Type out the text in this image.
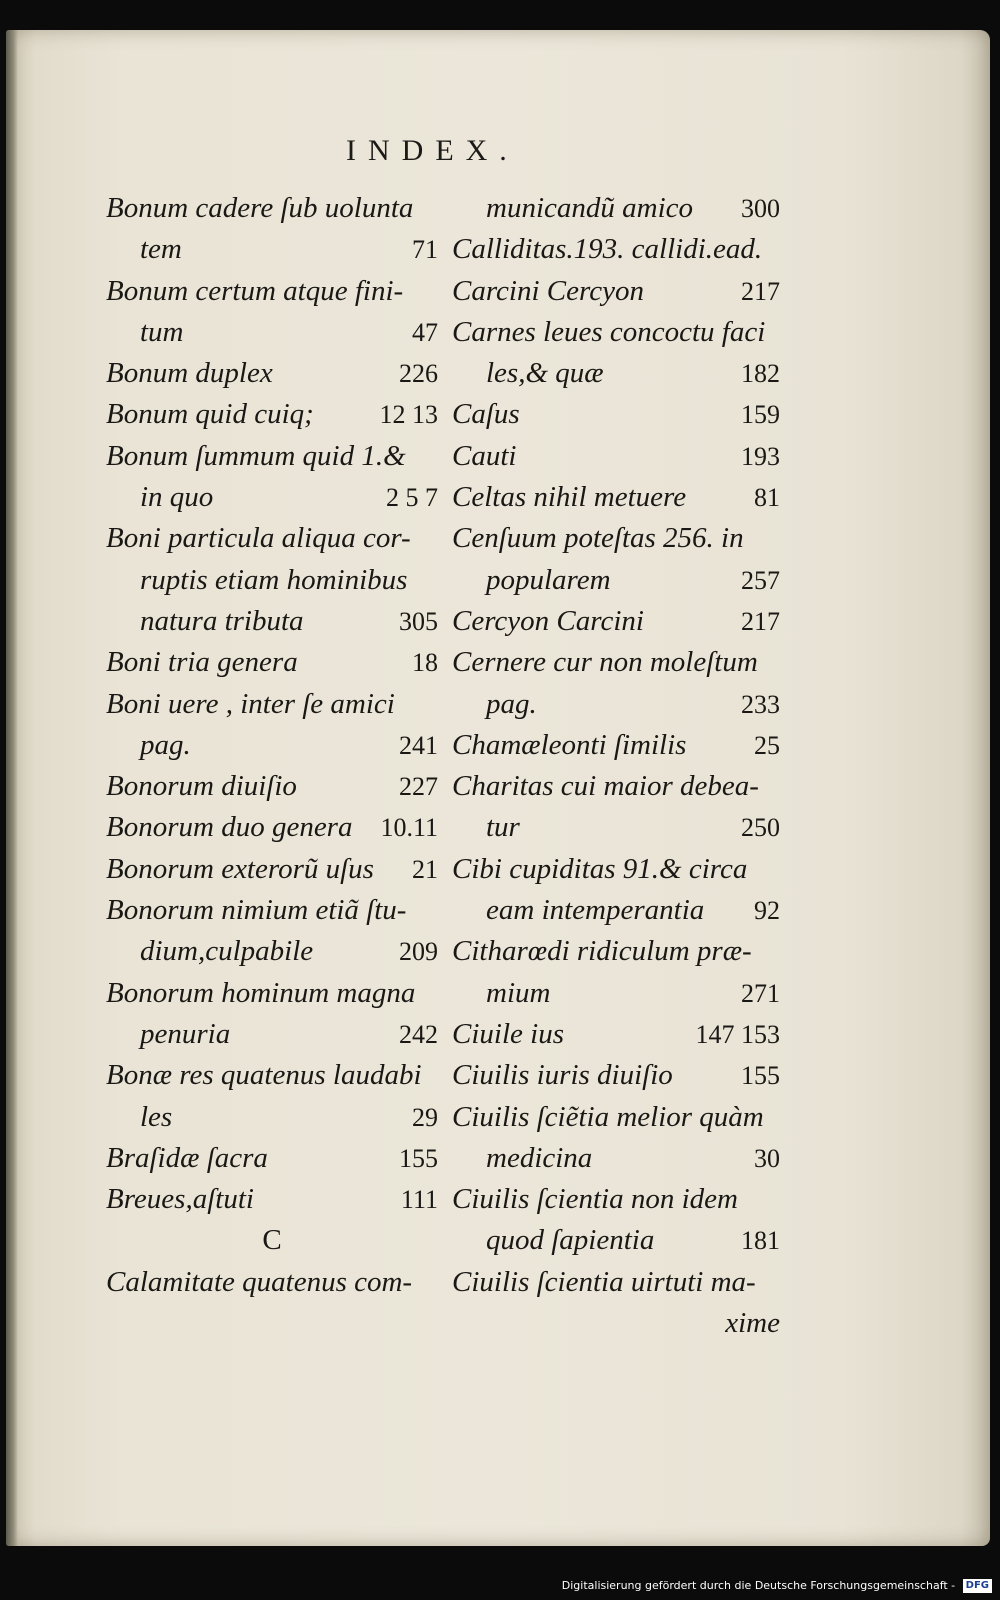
INDEX.
Bonum cadere ſub uolunta
tem	71
Bonum certum atque fini-
tum	47
Bonum duplex	226
Bonum quid cuiq;	12 13
Bonum ſummum quid 1.&
in quo	2 5 7
Boni particula aliqua cor-
ruptis etiam hominibus
natura tributa	305
Boni tria genera	18
Boni uere , inter ſe amici
pag.	241
Bonorum diuiſio	227
Bonorum duo genera 10.11
Bonorum exterorũ uſus 21
Bonorum nimium etiã ſtu-
dium,culpabile	209
Bonorum hominum magna
penuria	242
Bonæ res quatenus laudabi
les	29
Braſidæ ſacra	155
Breues,aſtuti	111
C
Calamitate quatenus com-
municandũ amico 300
Calliditas.193. callidi.ead.
Carcini Cercyon	217
Carnes leues concoctu faci
les,& quæ	182
Caſus	159
Cauti	193
Celtas nihil metuere	81
Cenſuum poteſtas 256. in
popularem	257
Cercyon Carcini	217
Cernere cur non moleſtum
pag.	233
Chamæleonti ſimilis	25
Charitas cui maior debea-
tur	250
Cibi cupiditas 91.& circa
eam intemperantia 92
Citharœdi ridiculum præ-
mium	271
Ciuile ius	147 153
Ciuilis iuris diuiſio	155
Ciuilis ſciẽtia melior quàm
medicina	30
Ciuilis ſcientia non idem
quod ſapientia	181
Ciuilis ſcientia uirtuti ma-
xime
Digitalisierung gefördert durch die Deutsche Forschungsgemeinschaft - DFG
